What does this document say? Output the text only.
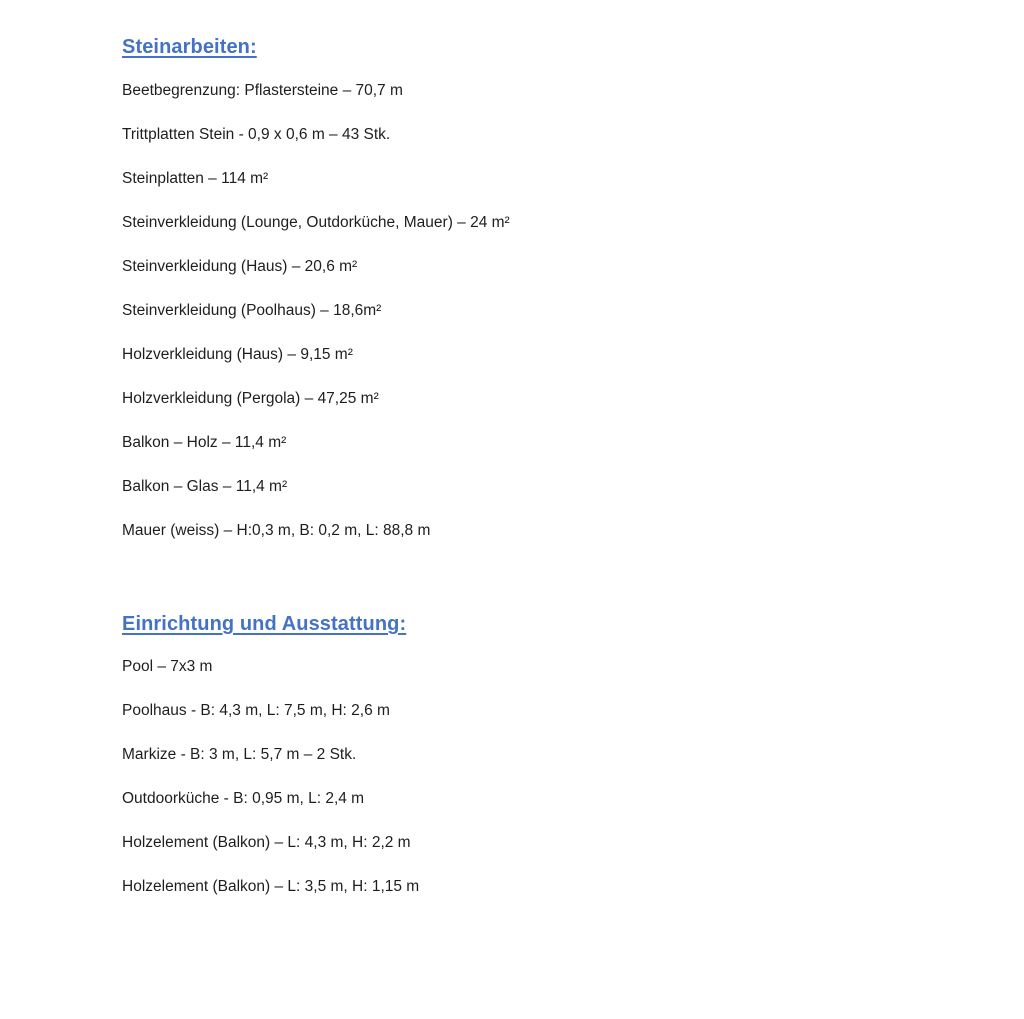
Steinarbeiten:
Beetbegrenzung: Pflastersteine – 70,7 m
Trittplatten Stein - 0,9 x 0,6 m – 43 Stk.
Steinplatten – 114 m²
Steinverkleidung (Lounge, Outdorküche, Mauer) – 24 m²
Steinverkleidung (Haus) – 20,6 m²
Steinverkleidung (Poolhaus) – 18,6m²
Holzverkleidung (Haus) – 9,15 m²
Holzverkleidung (Pergola) – 47,25 m²
Balkon – Holz – 11,4 m²
Balkon – Glas – 11,4 m²
Mauer (weiss) – H:0,3 m, B: 0,2 m, L: 88,8 m
Einrichtung und Ausstattung:
Pool – 7x3 m
Poolhaus - B: 4,3 m, L: 7,5 m, H: 2,6 m
Markize - B: 3 m, L: 5,7 m – 2 Stk.
Outdoorküche - B: 0,95 m, L: 2,4 m
Holzelement (Balkon) – L: 4,3 m, H: 2,2 m
Holzelement (Balkon) – L: 3,5 m, H: 1,15 m
